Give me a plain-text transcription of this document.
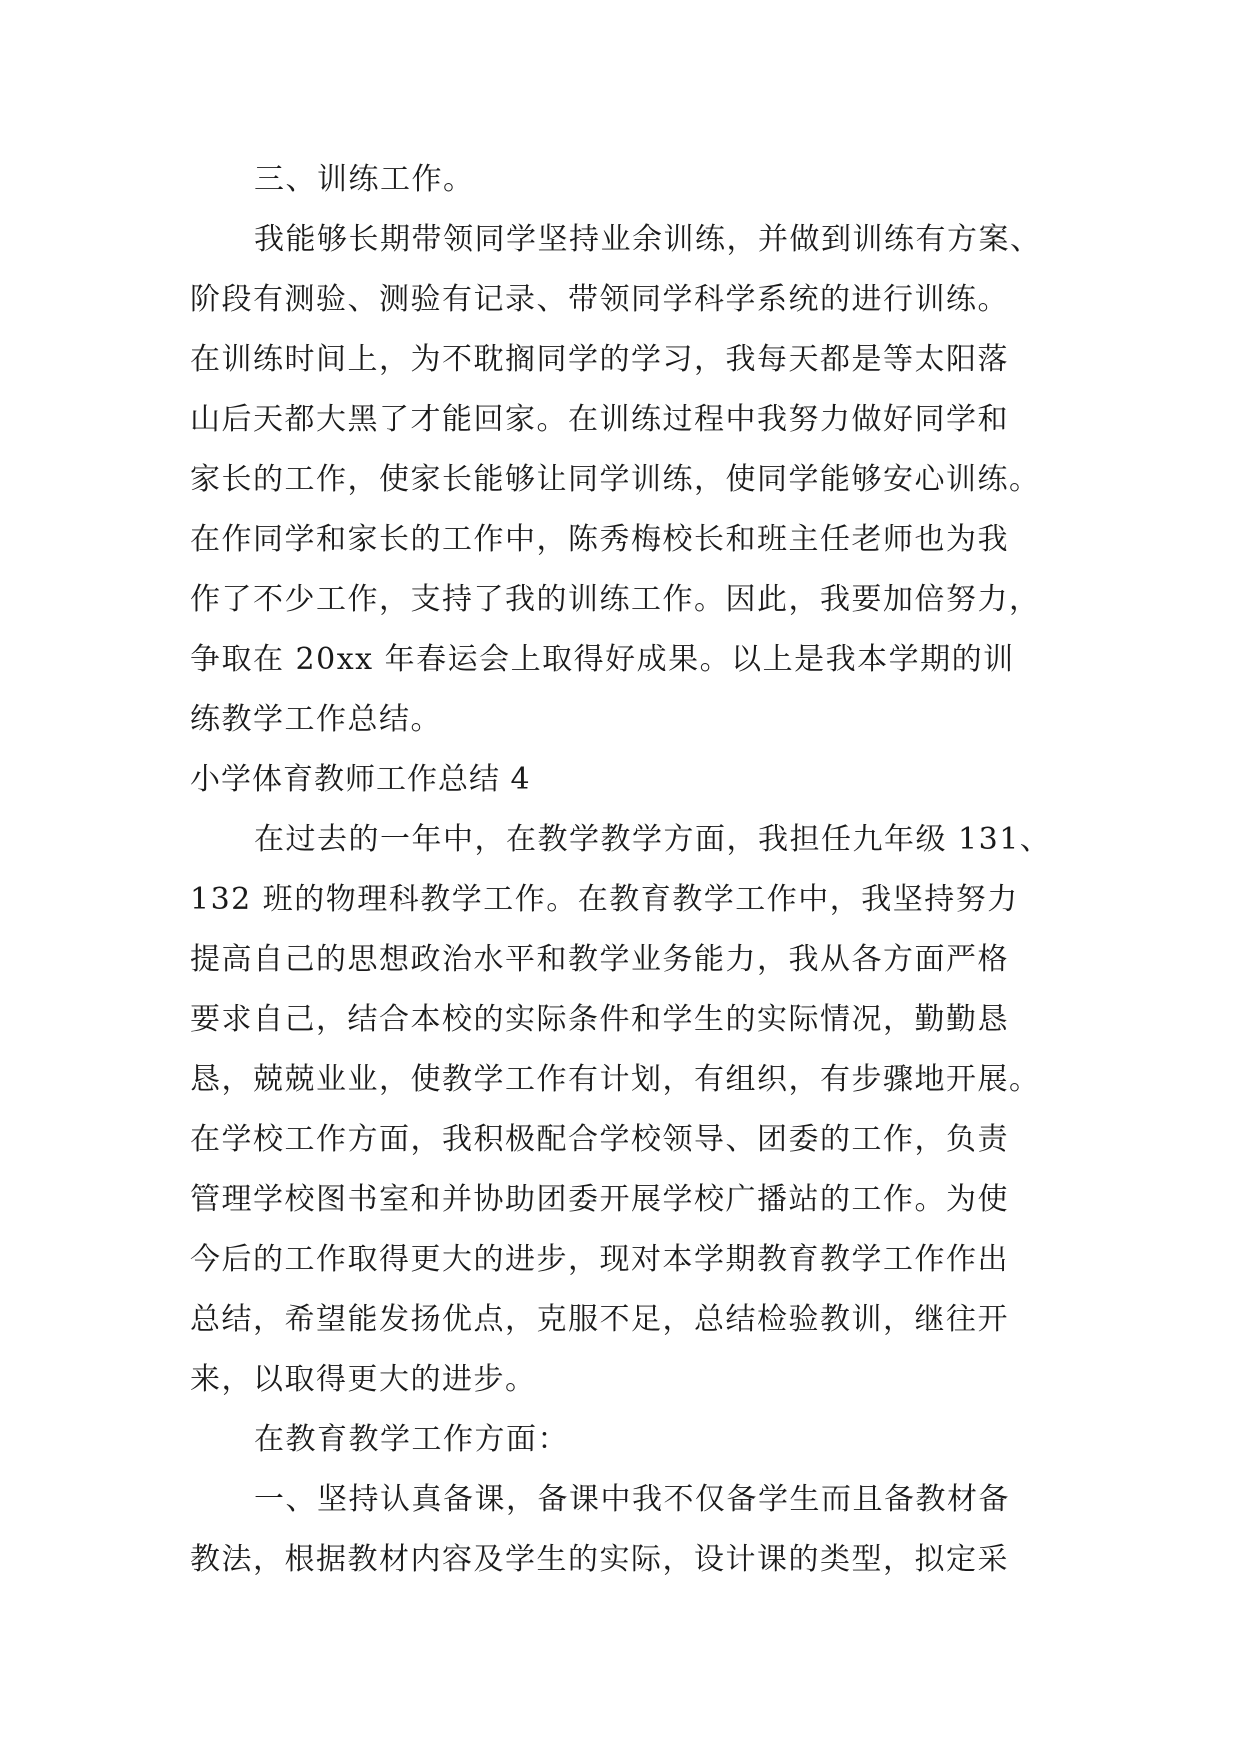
三、训练工作。

我能够长期带领同学坚持业余训练，并做到训练有方案、

阶段有测验、测验有记录、带领同学科学系统的进行训练。

在训练时间上，为不耽搁同学的学习，我每天都是等太阳落

山后天都大黑了才能回家。在训练过程中我努力做好同学和

家长的工作，使家长能够让同学训练，使同学能够安心训练。

在作同学和家长的工作中，陈秀梅校长和班主任老师也为我

作了不少工作，支持了我的训练工作。因此，我要加倍努力，

争取在 20xx 年春运会上取得好成果。以上是我本学期的训

练教学工作总结。

小学体育教师工作总结 4

在过去的一年中，在教学教学方面，我担任九年级 131、

132 班的物理科教学工作。在教育教学工作中，我坚持努力

提高自己的思想政治水平和教学业务能力，我从各方面严格

要求自己，结合本校的实际条件和学生的实际情况，勤勤恳

恳，兢兢业业，使教学工作有计划，有组织，有步骤地开展。

在学校工作方面，我积极配合学校领导、团委的工作，负责

管理学校图书室和并协助团委开展学校广播站的工作。为使

今后的工作取得更大的进步，现对本学期教育教学工作作出

总结，希望能发扬优点，克服不足，总结检验教训，继往开

来，以取得更大的进步。

在教育教学工作方面：

一、坚持认真备课，备课中我不仅备学生而且备教材备

教法，根据教材内容及学生的实际，设计课的类型，拟定采
